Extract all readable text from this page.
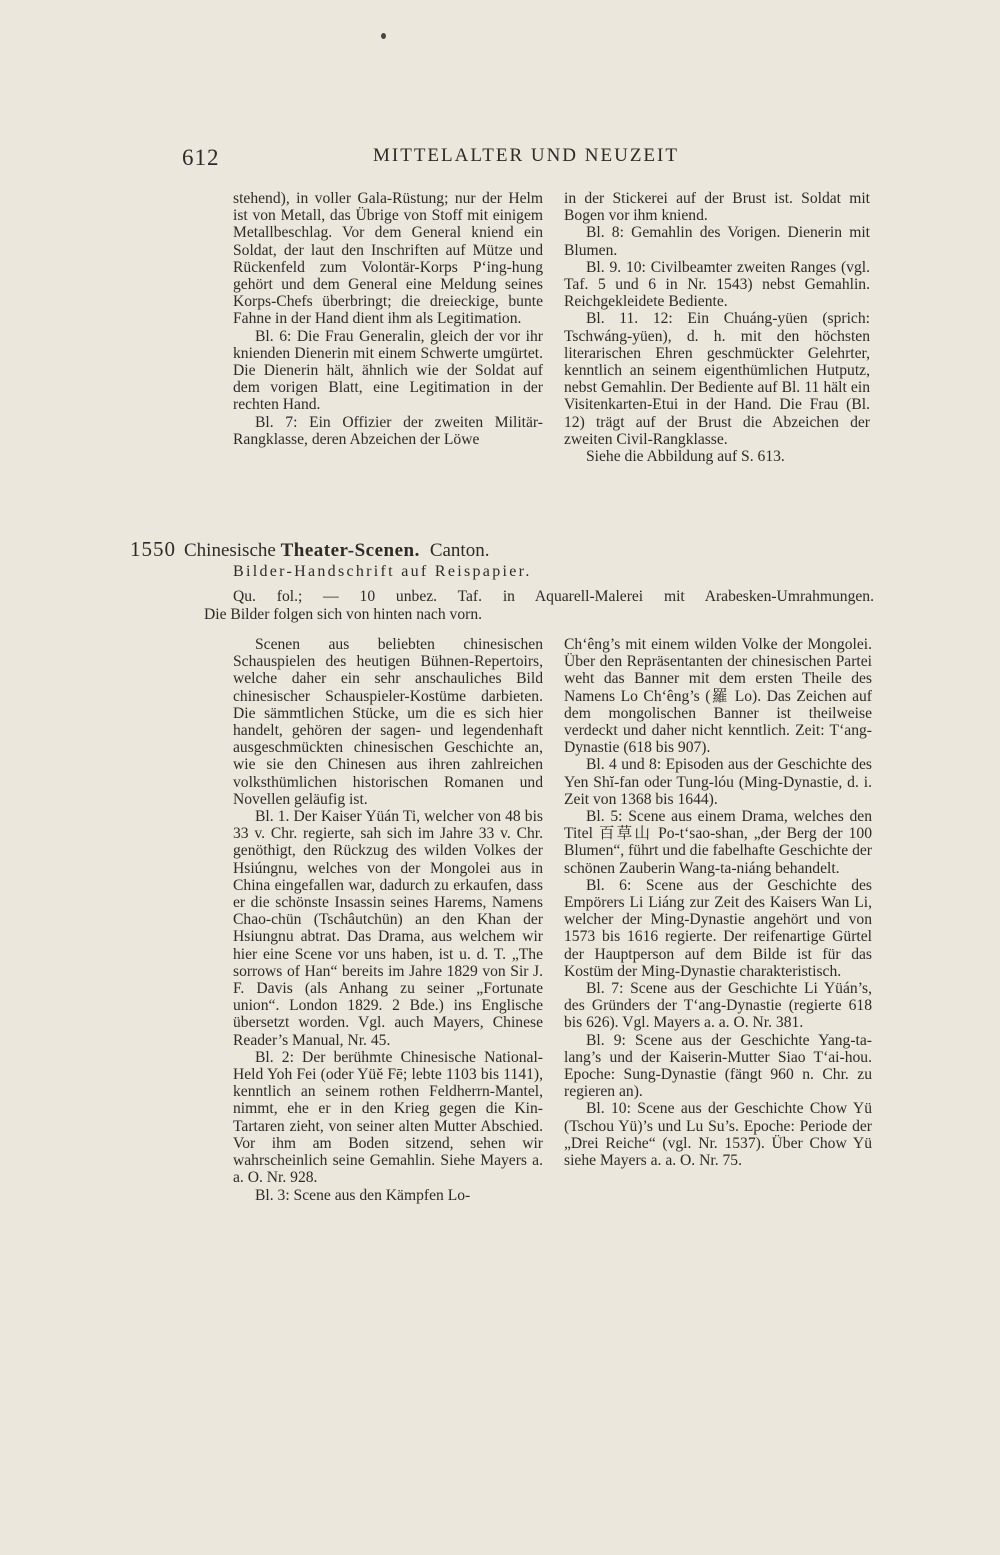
612	MITTELALTER UND NEUZEIT

stehend), in voller Gala-Rüstung; nur der Helm ist von Metall, das Übrige von Stoff mit einigem Metallbeschlag. Vor dem General kniend ein Soldat, der laut den Inschriften auf Mütze und Rückenfeld zum Volontär-Korps P‘ing-hung gehört und dem General eine Meldung seines Korps-Chefs überbringt; die dreieckige, bunte Fahne in der Hand dient ihm als Legitimation.

Bl. 6: Die Frau Generalin, gleich der vor ihr knienden Dienerin mit einem Schwerte umgürtet. Die Dienerin hält, ähnlich wie der Soldat auf dem vorigen Blatt, eine Legitimation in der rechten Hand.

Bl. 7: Ein Offizier der zweiten Militär-Rangklasse, deren Abzeichen der Löwe

in der Stickerei auf der Brust ist. Soldat mit Bogen vor ihm kniend.

Bl. 8: Gemahlin des Vorigen. Dienerin mit Blumen.

Bl. 9. 10: Civilbeamter zweiten Ranges (vgl. Taf. 5 und 6 in Nr. 1543) nebst Gemahlin. Reichgekleidete Bediente.

Bl. 11. 12: Ein Chuáng-yüen (sprich: Tschwáng-yüen), d. h. mit den höchsten literarischen Ehren geschmückter Gelehrter, kenntlich an seinem eigenthümlichen Hutputz, nebst Gemahlin. Der Bediente auf Bl. 11 hält ein Visitenkarten-Etui in der Hand. Die Frau (Bl. 12) trägt auf der Brust die Abzeichen der zweiten Civil-Rangklasse.

Siehe die Abbildung auf S. 613.

1550 Chinesische Theater-Scenen. Canton.
Bilder-Handschrift auf Reispapier.
Qu. fol.; — 10 unbez. Taf. in Aquarell-Malerei mit Arabesken-Umrahmungen.
Die Bilder folgen sich von hinten nach vorn.

Scenen aus beliebten chinesischen Schauspielen des heutigen Bühnen-Repertoirs, welche daher ein sehr anschauliches Bild chinesischer Schauspieler-Kostüme darbieten. Die sämmtlichen Stücke, um die es sich hier handelt, gehören der sagen- und legendenhaft ausgeschmückten chinesischen Geschichte an, wie sie den Chinesen aus ihren zahlreichen volksthümlichen historischen Romanen und Novellen geläufig ist.

Bl. 1. Der Kaiser Yüán Ti, welcher von 48 bis 33 v. Chr. regierte, sah sich im Jahre 33 v. Chr. genöthigt, den Rückzug des wilden Volkes der Hsiúngnu, welches von der Mongolei aus in China eingefallen war, dadurch zu erkaufen, dass er die schönste Insassin seines Harems, Namens Chao-chün (Tschâutchün) an den Khan der Hsiungnu abtrat. Das Drama, aus welchem wir hier eine Scene vor uns haben, ist u. d. T. „The sorrows of Han“ bereits im Jahre 1829 von Sir J. F. Davis (als Anhang zu seiner „Fortunate union“. London 1829. 2 Bde.) ins Englische übersetzt worden. Vgl. auch Mayers, Chinese Reader’s Manual, Nr. 45.

Bl. 2: Der berühmte Chinesische National-Held Yoh Fei (oder Yüĕ Fē; lebte 1103 bis 1141), kenntlich an seinem rothen Feldherrn-Mantel, nimmt, ehe er in den Krieg gegen die Kin-Tartaren zieht, von seiner alten Mutter Abschied. Vor ihm am Boden sitzend, sehen wir wahrscheinlich seine Gemahlin. Siehe Mayers a. a. O. Nr. 928.

Bl. 3: Scene aus den Kämpfen Lo-

Ch‘êng’s mit einem wilden Volke der Mongolei. Über den Repräsentanten der chinesischen Partei weht das Banner mit dem ersten Theile des Namens Lo Ch‘êng’s (羅 Lo). Das Zeichen auf dem mongolischen Banner ist theilweise verdeckt und daher nicht kenntlich. Zeit: T‘ang-Dynastie (618 bis 907).

Bl. 4 und 8: Episoden aus der Geschichte des Yen Shĭ-fan oder Tung-lóu (Ming-Dynastie, d. i. Zeit von 1368 bis 1644).

Bl. 5: Scene aus einem Drama, welches den Titel 百草山 Po-t‘sao-shan, „der Berg der 100 Blumen“, führt und die fabelhafte Geschichte der schönen Zauberin Wang-ta-niáng behandelt.

Bl. 6: Scene aus der Geschichte des Empörers Li Liáng zur Zeit des Kaisers Wan Li, welcher der Ming-Dynastie angehört und von 1573 bis 1616 regierte. Der reifenartige Gürtel der Hauptperson auf dem Bilde ist für das Kostüm der Ming-Dynastie charakteristisch.

Bl. 7: Scene aus der Geschichte Li Yüán’s, des Gründers der T‘ang-Dynastie (regierte 618 bis 626). Vgl. Mayers a. a. O. Nr. 381.

Bl. 9: Scene aus der Geschichte Yang-ta-lang’s und der Kaiserin-Mutter Siao T‘ai-hou. Epoche: Sung-Dynastie (fängt 960 n. Chr. zu regieren an).

Bl. 10: Scene aus der Geschichte Chow Yü (Tschou Yü)’s und Lu Su’s. Epoche: Periode der „Drei Reiche“ (vgl. Nr. 1537). Über Chow Yü siehe Mayers a. a. O. Nr. 75.
